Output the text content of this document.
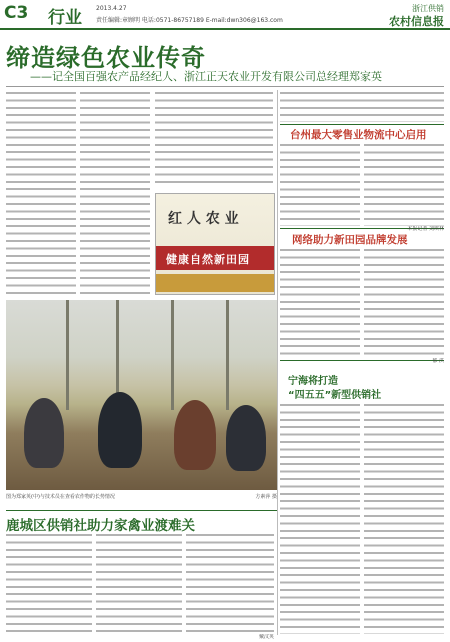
C3 行业 2013.4.27
责任编辑:章顾明 电话:0571-86757189 E-mail:dwn306@163.com
浙江供销
农村信息报
缔造绿色农业传奇
——记全国百强农产品经纪人、浙江正天农业开发有限公司总经理郑家英
红 人 农 业
健康自然新田园
台州最大零售业物流中心启用
网络助力新田园品牌发展
宁海将打造
“四五五”新型供销社
图为郑家英(中)与技术员在查看农作物的长势情况	方素萍 摄
鹿城区供销社助力家禽业渡难关
郁 洪
戴汶英
本报记者 刘琪林
